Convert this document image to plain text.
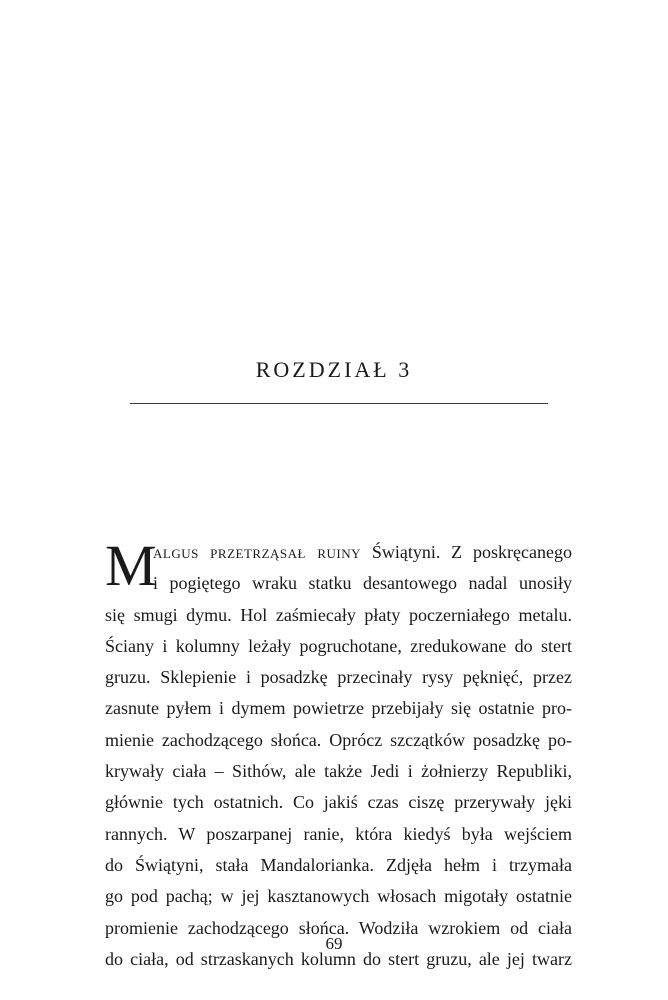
ROZDZIAŁ 3
M
algus przetrząsał ruiny Świątyni. Z poskręcanego
i pogiętego wraku statku desantowego nadal unosiły
się smugi dymu. Hol zaśmiecały płaty poczerniałego metalu.
Ściany i kolumny leżały pogruchotane, zredukowane do stert
gruzu. Sklepienie i posadzkę przecinały rysy pęknięć, przez
zasnute pyłem i dymem powietrze przebijały się ostatnie pro-
mienie zachodzącego słońca. Oprócz szczątków posadzkę po-
krywały ciała – Sithów, ale także Jedi i żołnierzy Republiki,
głównie tych ostatnich. Co jakiś czas ciszę przerywały jęki
rannych. W poszarpanej ranie, która kiedyś była wejściem
do Świątyni, stała Mandalorianka. Zdjęła hełm i trzymała
go pod pachą; w jej kasztanowych włosach migotały ostatnie
promienie zachodzącego słońca. Wodziła wzrokiem od ciała
do ciała, od strzaskanych kolumn do stert gruzu, ale jej twarz
69
